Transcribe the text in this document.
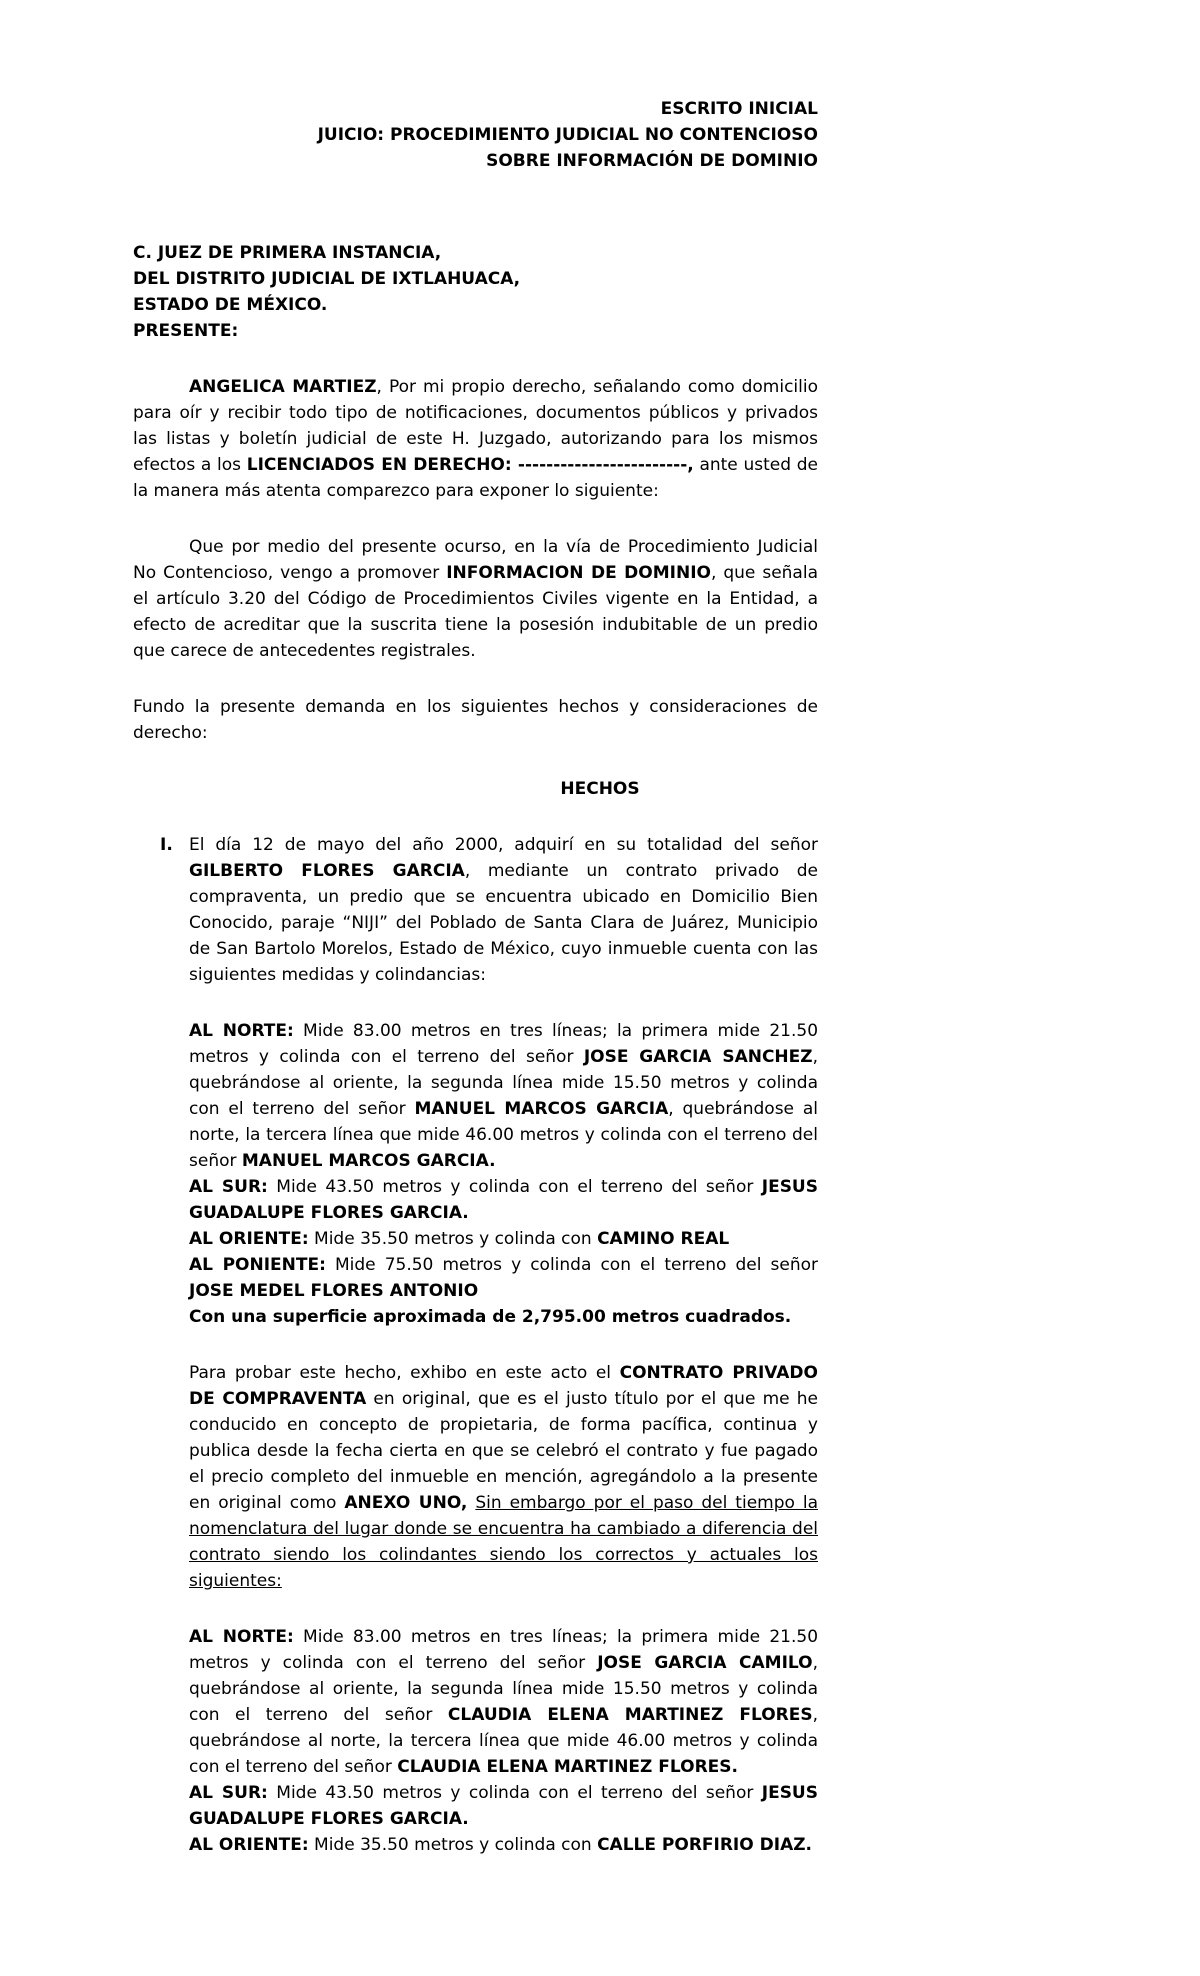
ESCRITO INICIAL
JUICIO: PROCEDIMIENTO JUDICIAL NO CONTENCIOSO
SOBRE INFORMACIÓN DE DOMINIO
C. JUEZ DE PRIMERA INSTANCIA,
DEL DISTRITO JUDICIAL DE IXTLAHUACA,
ESTADO DE MÉXICO.
PRESENTE:

ANGELICA MARTIEZ, Por mi propio derecho, señalando como domicilio para oír y recibir todo tipo de notificaciones, documentos públicos y privados las listas y boletín judicial de este H. Juzgado, autorizando para los mismos efectos a los LICENCIADOS EN DERECHO: ------------------------, ante usted de la manera más atenta comparezco para exponer lo siguiente:

Que por medio del presente ocurso, en la vía de Procedimiento Judicial No Contencioso, vengo a promover INFORMACION DE DOMINIO, que señala el artículo 3.20 del Código de Procedimientos Civiles vigente en la Entidad, a efecto de acreditar que la suscrita tiene la posesión indubitable de un predio que carece de antecedentes registrales.

Fundo la presente demanda en los siguientes hechos y consideraciones de derecho:

HECHOS

I. El día 12 de mayo del año 2000, adquirí en su totalidad del señor GILBERTO FLORES GARCIA, mediante un contrato privado de compraventa, un predio que se encuentra ubicado en Domicilio Bien Conocido, paraje “NIJI” del Poblado de Santa Clara de Juárez, Municipio de San Bartolo Morelos, Estado de México, cuyo inmueble cuenta con las siguientes medidas y colindancias:

AL NORTE: Mide 83.00 metros en tres líneas; la primera mide 21.50 metros y colinda con el terreno del señor JOSE GARCIA SANCHEZ, quebrándose al oriente, la segunda línea mide 15.50 metros y colinda con el terreno del señor MANUEL MARCOS GARCIA, quebrándose al norte, la tercera línea que mide 46.00 metros y colinda con el terreno del señor MANUEL MARCOS GARCIA.

AL SUR: Mide 43.50 metros y colinda con el terreno del señor JESUS GUADALUPE FLORES GARCIA.

AL ORIENTE: Mide 35.50 metros y colinda con CAMINO REAL

AL PONIENTE: Mide 75.50 metros y colinda con el terreno del señor JOSE MEDEL FLORES ANTONIO

Con una superficie aproximada de 2,795.00 metros cuadrados.

Para probar este hecho, exhibo en este acto el CONTRATO PRIVADO DE COMPRAVENTA en original, que es el justo título por el que me he conducido en concepto de propietaria, de forma pacífica, continua y publica desde la fecha cierta en que se celebró el contrato y fue pagado el precio completo del inmueble en mención, agregándolo a la presente en original como ANEXO UNO, Sin embargo por el paso del tiempo la nomenclatura del lugar donde se encuentra ha cambiado a diferencia del contrato siendo los colindantes siendo los correctos y actuales los siguientes:

AL NORTE: Mide 83.00 metros en tres líneas; la primera mide 21.50 metros y colinda con el terreno del señor JOSE GARCIA CAMILO, quebrándose al oriente, la segunda línea mide 15.50 metros y colinda con el terreno del señor CLAUDIA ELENA MARTINEZ FLORES, quebrándose al norte, la tercera línea que mide 46.00 metros y colinda con el terreno del señor CLAUDIA ELENA MARTINEZ FLORES.

AL SUR: Mide 43.50 metros y colinda con el terreno del señor JESUS GUADALUPE FLORES GARCIA.

AL ORIENTE: Mide 35.50 metros y colinda con CALLE PORFIRIO DIAZ.
